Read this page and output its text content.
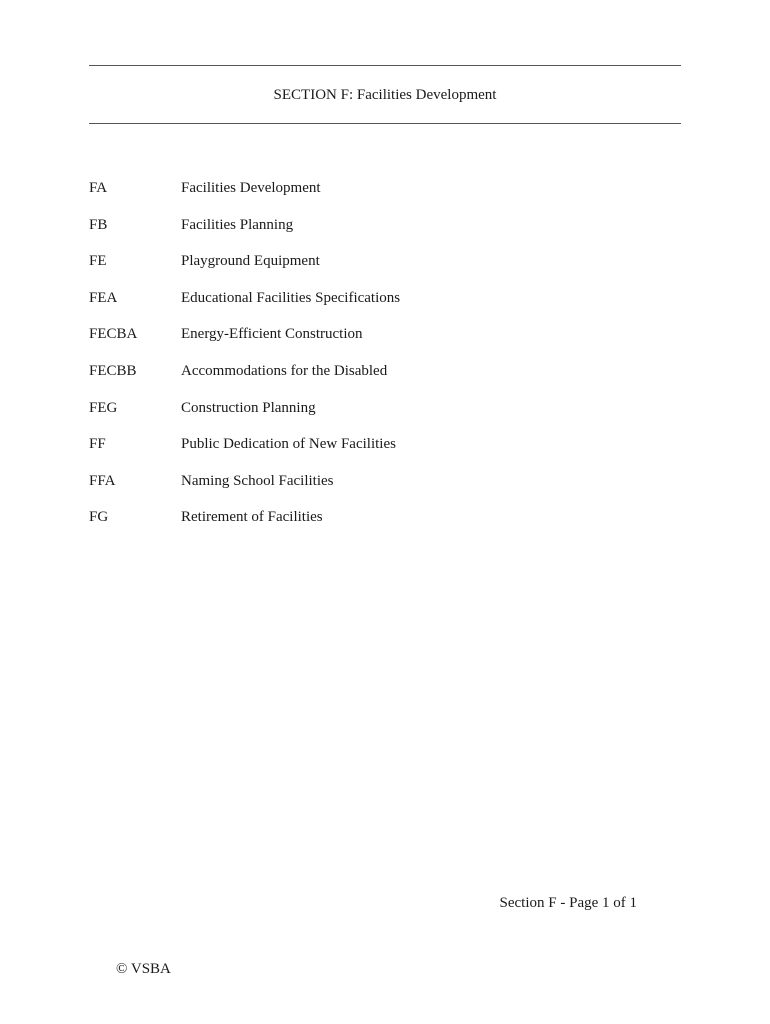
SECTION F: Facilities Development
FA	Facilities Development
FB	Facilities Planning
FE	Playground Equipment
FEA	Educational Facilities Specifications
FECBA	Energy-Efficient Construction
FECBB	Accommodations for the Disabled
FEG	Construction Planning
FF	Public Dedication of New Facilities
FFA	Naming School Facilities
FG	Retirement of Facilities
Section F - Page 1 of 1
© VSBA
